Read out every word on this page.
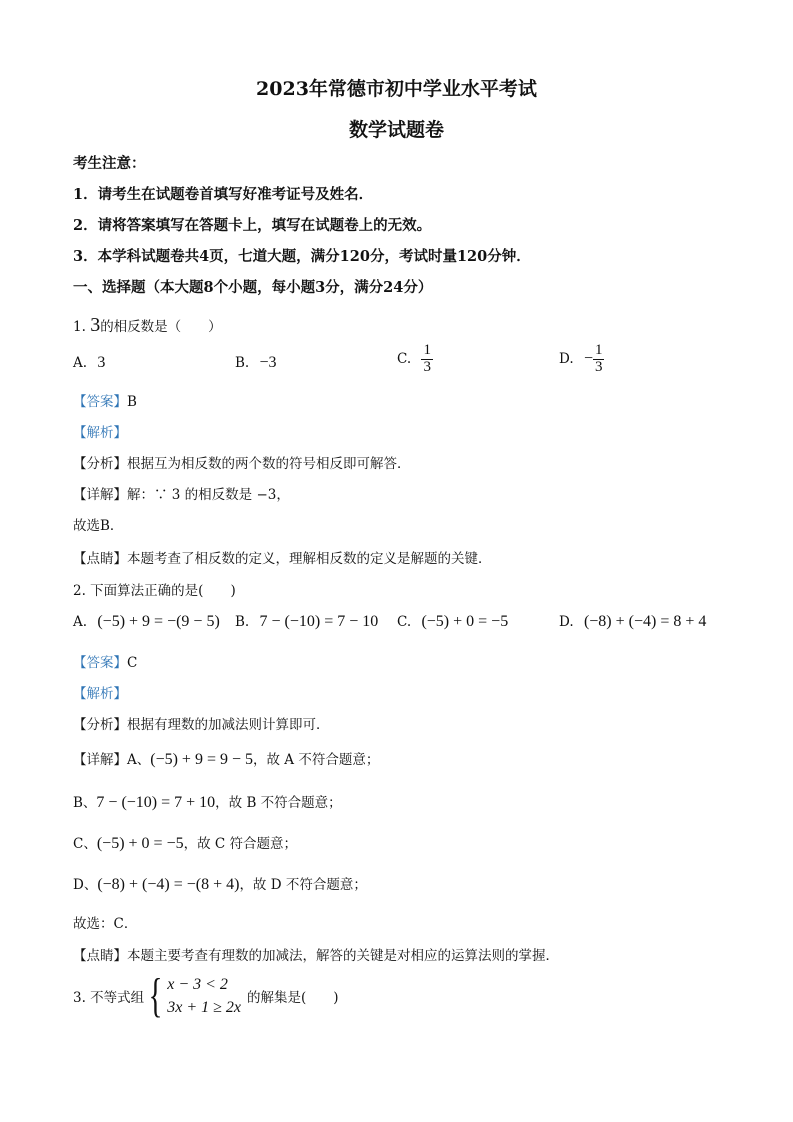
2023年常德市初中学业水平考试
数学试题卷
考生注意：
1．请考生在试题卷首填写好准考证号及姓名．
2．请将答案填写在答题卡上，填写在试题卷上的无效。
3．本学科试题卷共4页，七道大题，满分120分，考试时量120分钟．
一、选择题（本大题8个小题，每小题3分，满分24分）
1. 3的相反数是（　　）
A. 3	B. −3	C. $\frac{1}{3}$	D. − $\frac{1}{3}$
【答案】B
【解析】
【分析】根据互为相反数的两个数的符号相反即可解答．
【详解】解：∵ 3 的相反数是 −3，
故选B．
【点睛】本题考查了相反数的定义，理解相反数的定义是解题的关键．
2. 下面算法正确的是(　　)
A. (−5) + 9 = −(9 − 5) B. 7 − (−10) = 7 − 10 C. (−5) + 0 = −5	D. (−8) + (−4) = 8 + 4
【答案】C
【解析】
【分析】根据有理数的加减法则计算即可．
【详解】A、(−5) + 9 = 9 − 5，故 A 不符合题意；
B、7 − (−10) = 7 + 10，故 B 不符合题意；
C、(−5) + 0 = −5，故 C 符合题意；
D、(−8) + (−4) = −(8 + 4)，故 D 不符合题意；
故选：C．
【点睛】本题主要考查有理数的加减法，解答的关键是对相应的运算法则的掌握．
3. 不等式组 { x − 3 < 2
3x + 1 ≥ 2x
的解集是(　　)
